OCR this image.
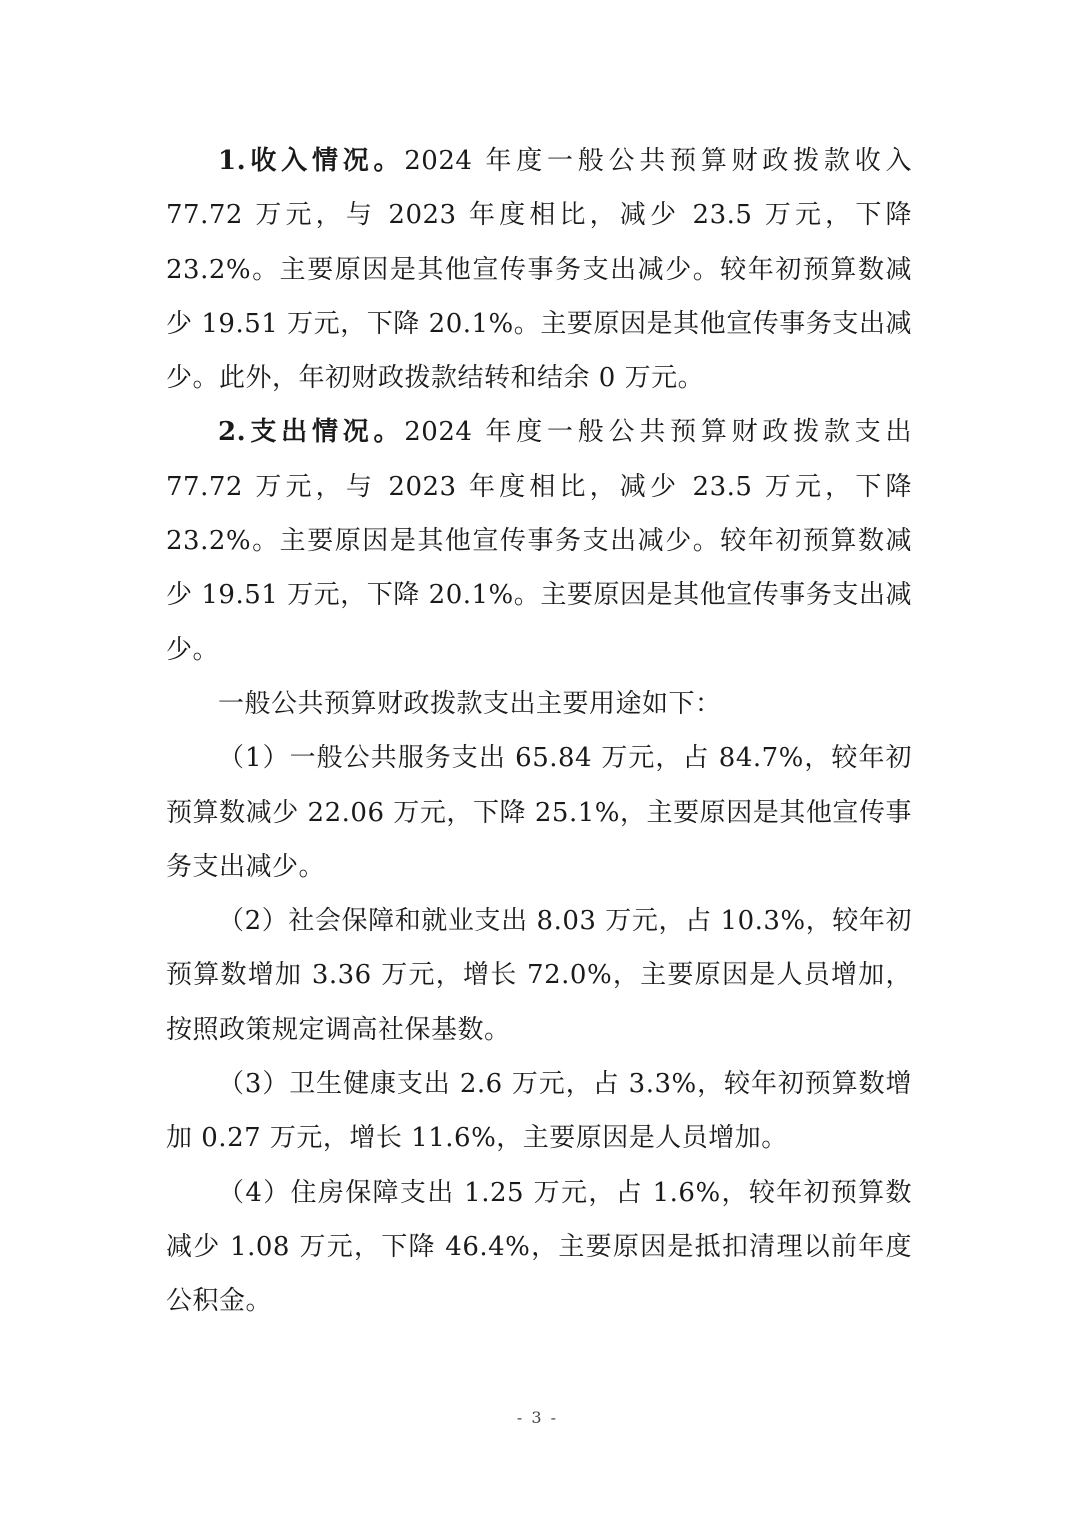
1.收入情况。2024 年度一般公共预算财政拨款收入 77.72 万元，与 2023 年度相比，减少 23.5 万元，下降 23.2%。主要原因是其他宣传事务支出减少。较年初预算数减少 19.51 万元，下降 20.1%。主要原因是其他宣传事务支出减少。此外，年初财政拨款结转和结余 0 万元。

2.支出情况。2024 年度一般公共预算财政拨款支出 77.72 万元，与 2023 年度相比，减少 23.5 万元，下降 23.2%。主要原因是其他宣传事务支出减少。较年初预算数减少 19.51 万元，下降 20.1%。主要原因是其他宣传事务支出减少。

一般公共预算财政拨款支出主要用途如下：

（1）一般公共服务支出 65.84 万元，占 84.7%，较年初预算数减少 22.06 万元，下降 25.1%，主要原因是其他宣传事务支出减少。

（2）社会保障和就业支出 8.03 万元，占 10.3%，较年初预算数增加 3.36 万元，增长 72.0%，主要原因是人员增加，按照政策规定调高社保基数。

（3）卫生健康支出 2.6 万元，占 3.3%，较年初预算数增加 0.27 万元，增长 11.6%，主要原因是人员增加。

（4）住房保障支出 1.25 万元，占 1.6%，较年初预算数减少 1.08 万元，下降 46.4%，主要原因是抵扣清理以前年度公积金。

- 3 -
